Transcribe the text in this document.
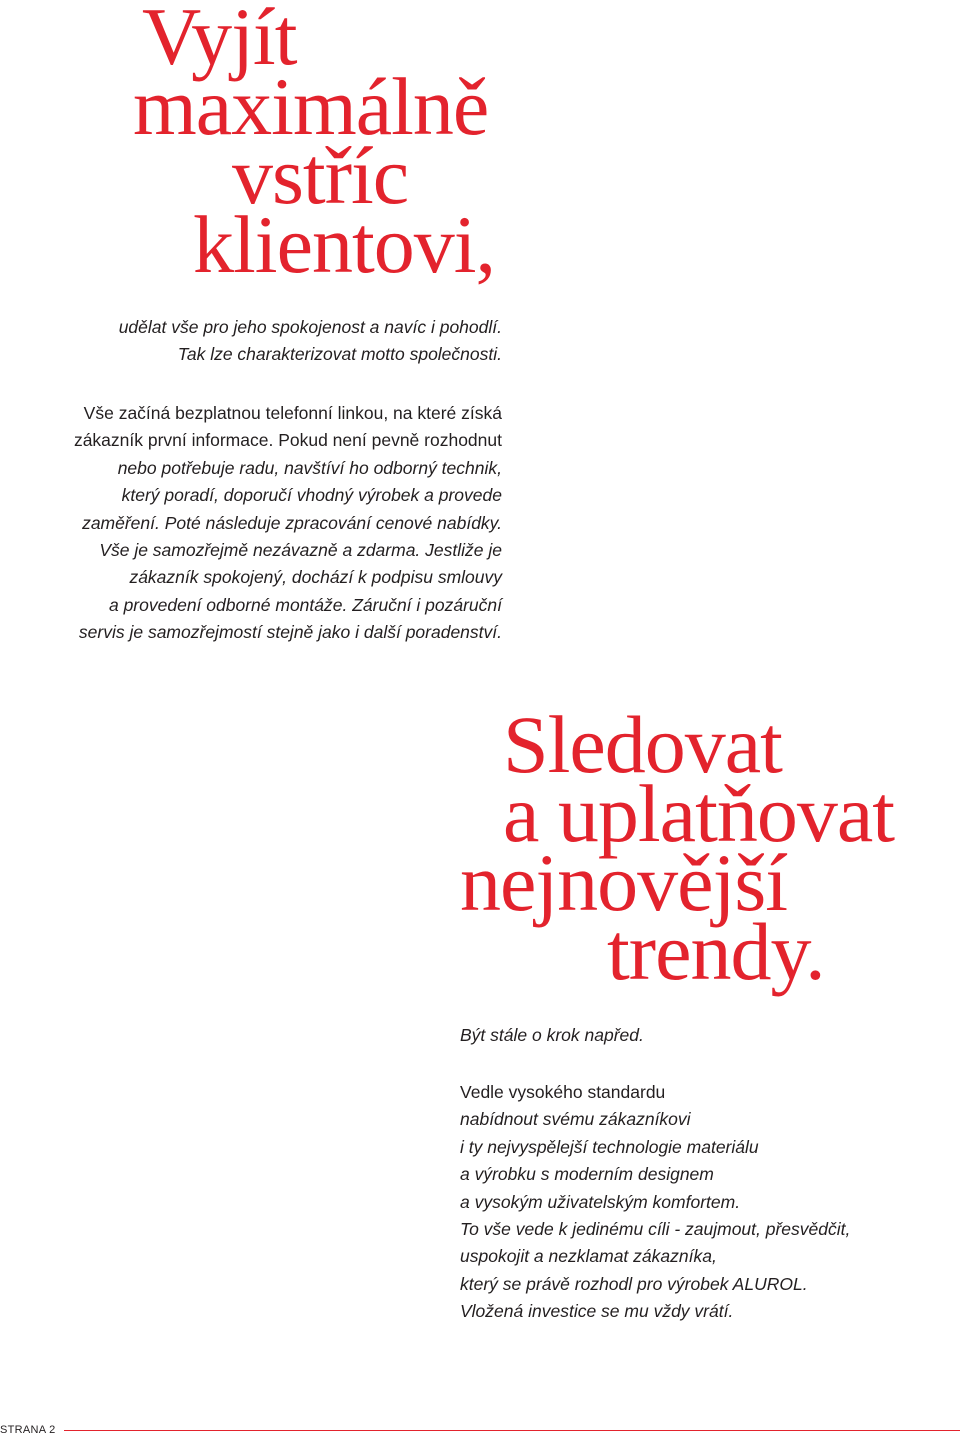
Vyjít
maximálně
vstříc
klientovi,
udělat vše pro jeho spokojenost a navíc i pohodlí.
Tak lze charakterizovat motto společnosti.
Vše začíná bezplatnou telefonní linkou, na které získá
zákazník první informace. Pokud není pevně rozhodnut
nebo potřebuje radu, navštíví ho odborný technik,
který poradí, doporučí vhodný výrobek a provede
zaměření. Poté následuje zpracování cenové nabídky.
Vše je samozřejmě nezávazně a zdarma. Jestliže je
zákazník spokojený, dochází k podpisu smlouvy
a provedení odborné montáže. Záruční i pozáruční
servis je samozřejmostí stejně jako i další poradenství.
Sledovat
a uplatňovat
nejnovější
trendy.
Být stále o krok napřed.
Vedle vysokého standardu
nabídnout svému zákazníkovi
i ty nejvyspělejší technologie materiálu
a výrobku s moderním designem
a vysokým uživatelským komfortem.
To vše vede k jedinému cíli - zaujmout, přesvědčit,
uspokojit a nezklamat zákazníka,
který se právě rozhodl pro výrobek ALUROL.
Vložená investice se mu vždy vrátí.
STRANA 2
